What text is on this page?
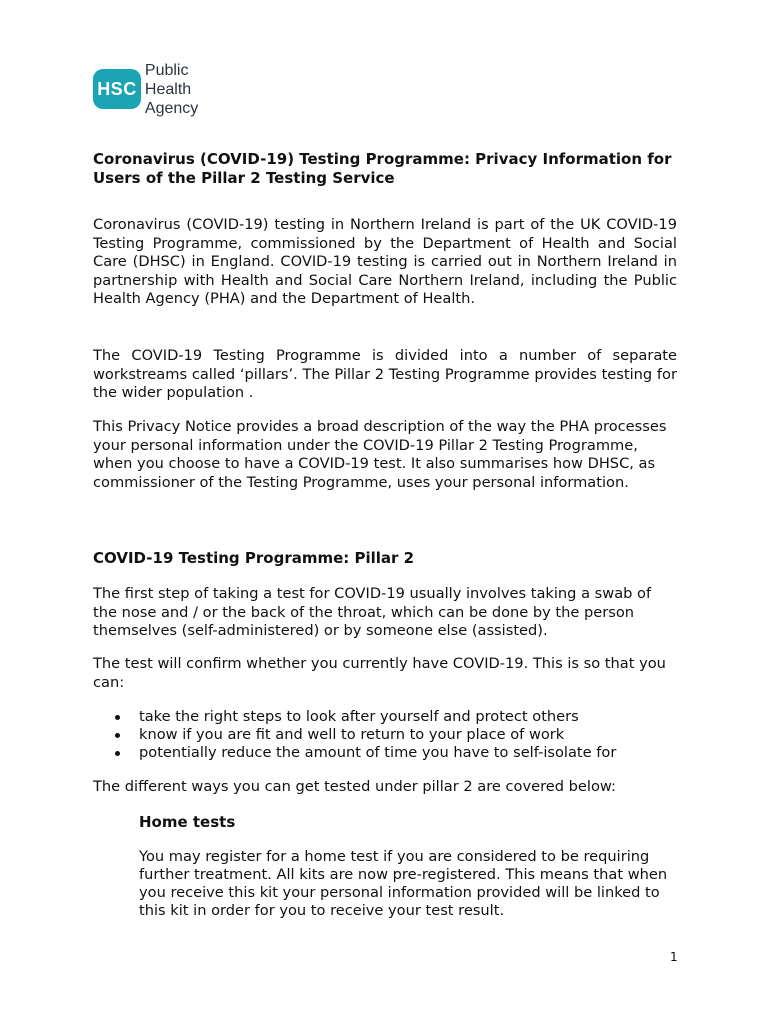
HSC
Public Health
Agency
Coronavirus (COVID-19) Testing Programme: Privacy Information for Users of the Pillar 2 Testing Service

Coronavirus (COVID-19) testing in Northern Ireland is part of the UK COVID-19 Testing Programme, commissioned by the Department of Health and Social Care (DHSC) in England. COVID-19 testing is carried out in Northern Ireland in partnership with Health and Social Care Northern Ireland, including the Public Health Agency (PHA) and the Department of Health.

The COVID-19 Testing Programme is divided into a number of separate workstreams called ‘pillars’. The Pillar 2 Testing Programme provides testing for the wider population .

This Privacy Notice provides a broad description of the way the PHA processes your personal information under the COVID-19 Pillar 2 Testing Programme, when you choose to have a COVID-19 test. It also summarises how DHSC, as commissioner of the Testing Programme, uses your personal information.

COVID-19 Testing Programme: Pillar 2

The first step of taking a test for COVID-19 usually involves taking a swab of the nose and / or the back of the throat, which can be done by the person themselves (self-administered) or by someone else (assisted).

The test will confirm whether you currently have COVID-19. This is so that you can:

take the right steps to look after yourself and protect others
know if you are fit and well to return to your place of work
potentially reduce the amount of time you have to self-isolate for

The different ways you can get tested under pillar 2 are covered below:

Home tests

You may register for a home test if you are considered to be requiring further treatment. All kits are now pre-registered. This means that when you receive this kit your personal information provided will be linked to this kit in order for you to receive your test result.

1
